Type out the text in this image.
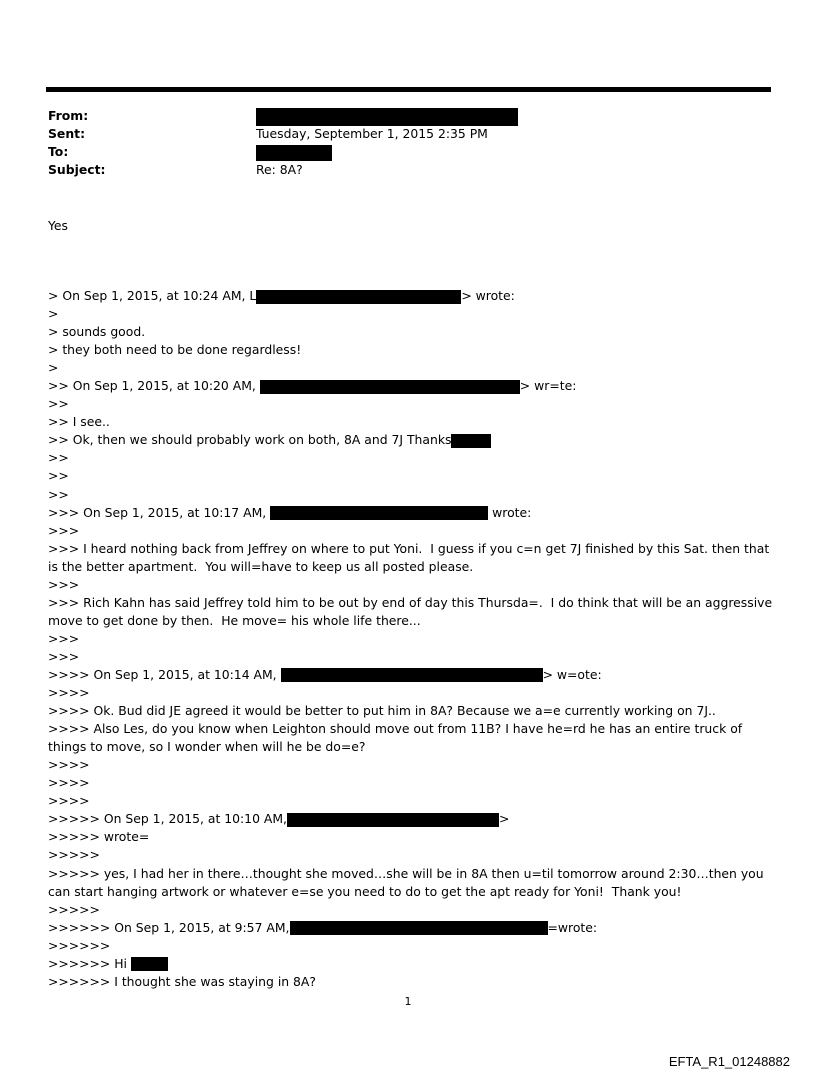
From:
Sent:	Tuesday, September 1, 2015 2:35 PM
To:
Subject:	Re: 8A?
Yes
> On Sep 1, 2015, at 10:24 AM, L	> wrote:
>
> sounds good.
> they both need to be done regardless!
>
>> On Sep 1, 2015, at 10:20 AM,	> wr=te:
>>
>> I see..
>> Ok, then we should probably work on both, 8A and 7J Thanks
>>
>>
>>
>>> On Sep 1, 2015, at 10:17 AM,	wrote:
>>>
>>> I heard nothing back from Jeffrey on where to put Yoni.  I guess if you c=n get 7J finished by this Sat. then that is the better apartment.  You will=have to keep us all posted please.
>>>
>>> Rich Kahn has said Jeffrey told him to be out by end of day this Thursda=.  I do think that will be an aggressive move to get done by then.  He move= his whole life there...
>>>
>>>
>>>> On Sep 1, 2015, at 10:14 AM,	> w=ote:
>>>>
>>>> Ok. Bud did JE agreed it would be better to put him in 8A? Because we a=e currently working on 7J..
>>>> Also Les, do you know when Leighton should move out from 11B? I have he=rd he has an entire truck of things to move, so I wonder when will he be do=e?
>>>>
>>>>
>>>>
>>>>> On Sep 1, 2015, at 10:10 AM,	>
>>>>> wrote=
>>>>>
>>>>> yes, I had her in there…thought she moved…she will be in 8A then u=til tomorrow around 2:30…then you can start hanging artwork or whatever e=se you need to do to get the apt ready for Yoni!  Thank you!
>>>>>
>>>>>> On Sep 1, 2015, at 9:57 AM,	=wrote:
>>>>>>
>>>>>> Hi
>>>>>> I thought she was staying in 8A?
1
EFTA_R1_01248882
